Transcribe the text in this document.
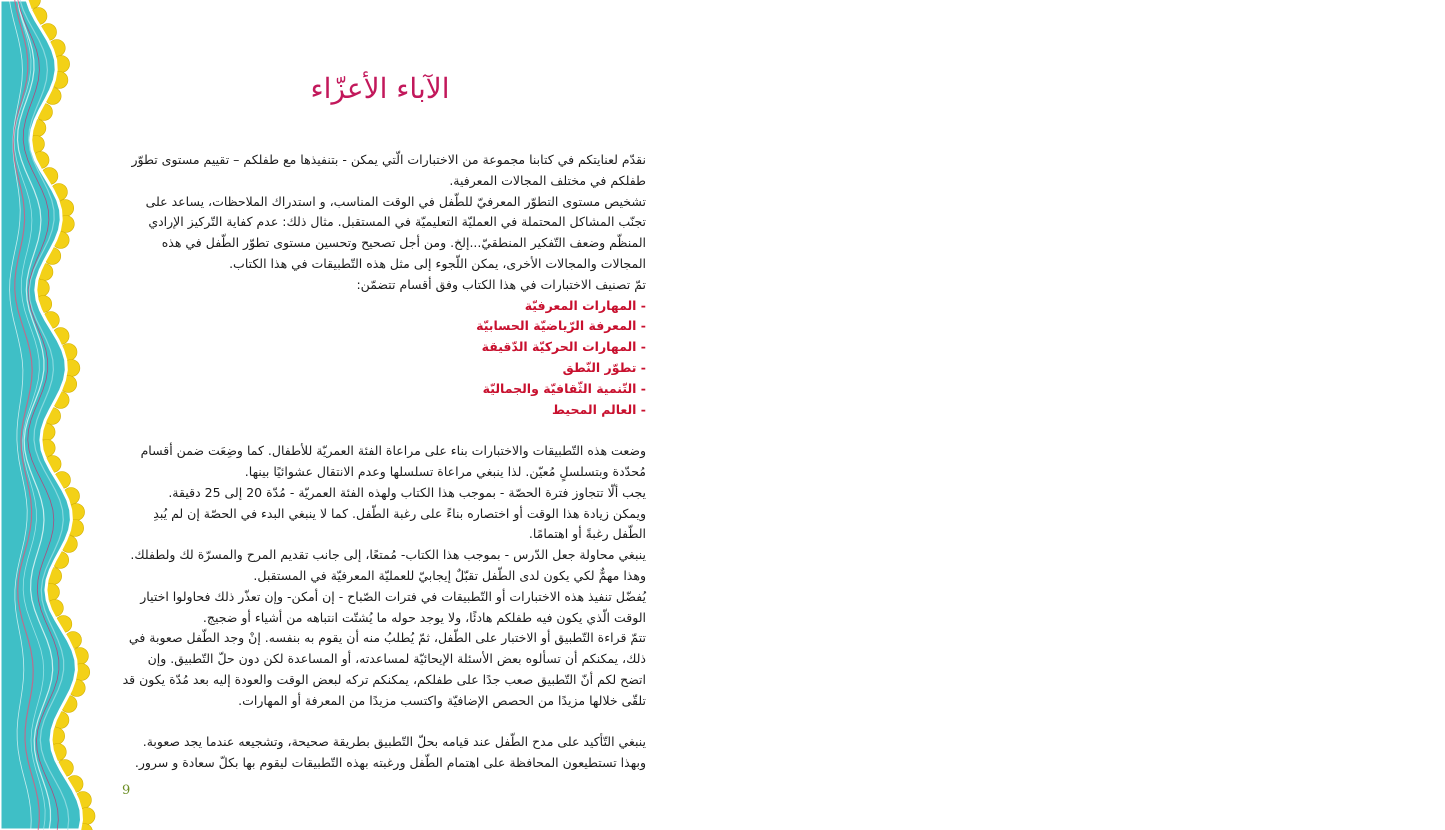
الآباء الأعزّاء

نقدّم لعنايتكم في كتابنا مجموعة من الاختبارات الّتي يمكن - بتنفيذها مع طفلكم – تقييم مستوى تطوّر طفلكم في مختلف المجالات المعرفية.

تشخيص مستوى التطوّر المعرفيّ للطّفل في الوقت المناسب، و استدراك الملاحظات، يساعد على تجنّب المشاكل المحتملة في العمليّة التعليميّة في المستقبل. مثال ذلك: عدم كفاية التّركيز الإرادي المنظّم وضعف التّفكير المنطقيّ...إلخ. ومن أجل تصحيح وتحسين مستوى تطوّر الطّفل في هذه المجالات والمجالات الأخرى، يمكن اللّجوء إلى مثل هذه التّطبيقات في هذا الكتاب.

تمّ تصنيف الاختبارات في هذا الكتاب وفق أقسام تتضمّن:

- المهارات المعرفيّة
- المعرفة الرّياضيّة الحسابيّة
- المهارات الحركيّة الدّقيقة
- تطوّر النّطق
- التّنمية الثّقافيّة والجماليّة
- العالم المحيط

وضعت هذه التّطبيقات والاختبارات بناء على مراعاة الفئة العمريّة للأطفال. كما وضِعَت ضمن أقسام مُحدّدة وبتسلسلٍ مُعيّن. لذا ينبغي مراعاة تسلسلها وعدم الانتقال عشوائيًا بينها.

يجب ألّا تتجاوز فترة الحصّة - بموجب هذا الكتاب ولهذه الفئة العمريّة - مُدّة 20 إلى 25 دقيقة.

ويمكن زيادة هذا الوقت أو اختصاره بناءً على رغبة الطّفل. كما لا ينبغي البدء في الحصّة إن لم يُبدِ الطّفل رغبةً أو اهتمامًا.

ينبغي محاولة جعل الدّرس - بموجب هذا الكتاب- مُمتعًا، إلى جانب تقديم المرح والمسرّة لك ولطفلك. وهذا مهمٌّ لكي يكون لدى الطّفل تقبّلٌ إيجابيّ للعمليّة المعرفيّة في المستقبل.

يُفضّل تنفيذ هذه الاختبارات أو التّطبيقات في فترات الصّباح - إن أمكن- وإن تعذّر ذلك فحاولوا اختيار الوقت الّذي يكون فيه طفلكم هادئًا، ولا يوجد حوله ما يُشتّت انتباهه من أشياء أو ضجيج.

تتمّ قراءة التّطبيق أو الاختبار على الطّفل، ثمّ يُطلبُ منه أن يقوم به بنفسه. إنْ وجد الطّفل صعوبة في ذلك، يمكنكم أن تسألوه بعض الأسئلة الإيحائيّة لمساعدته، أو المساعدة لكن دون حلّ التّطبيق. وإن اتضح لكم أنّ التّطبيق صعب جدًا على طفلكم، يمكنكم تركه لبعض الوقت والعودة إليه بعد مُدّة يكون قد تلقّى خلالها مزيدًا من الحصص الإضافيّة واكتسب مزيدًا من المعرفة أو المهارات.

ينبغي التّأكيد على مدح الطّفل عند قيامه بحلّ التّطبيق بطريقة صحيحة، وتشجيعه عندما يجد صعوبة.

وبهذا تستطيعون المحافظة على اهتمام الطّفل ورغبته بهذه التّطبيقات ليقوم بها بكلّ سعادة و سرور.

9
